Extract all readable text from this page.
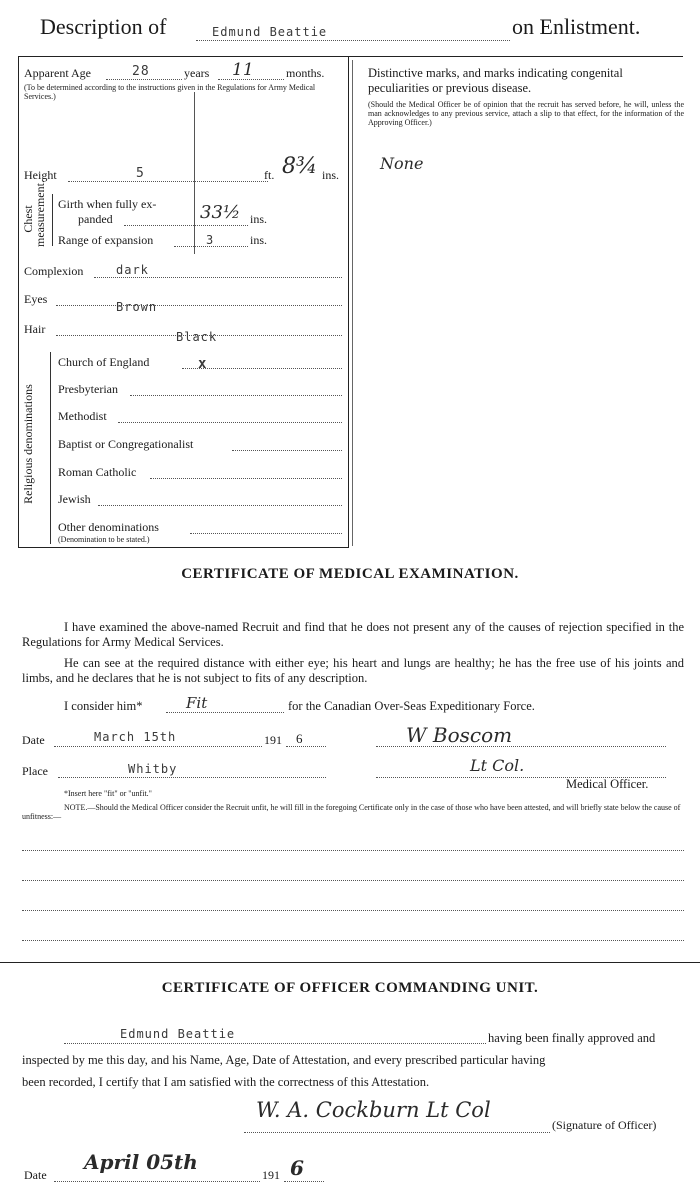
Description of	Edmund Beattie	on Enlistment.
Apparent Age	28	years 11	months.
(To be determined according to the instructions given in the Regulations for Army Medical Services.)
Height	5	ft. 8¾ ins.
Chest measurement. Girth when fully ex-
panded	33½ ins.
Range of expansion	3	ins.
Complexion	dark
Eyes
Brown
Hair
Black
Religious denominations
Church of England	x
Presbyterian
Methodist
Baptist or Congregationalist
Roman Catholic
Jewish
Other denominations
(Denomination to be stated.)
Distinctive marks, and marks indicating congenital
peculiarities or previous disease.
(Should the Medical Officer be of opinion that the recruit has served before, he will, unless the man acknowledges to any previous service, attach a slip to that effect, for the information of the Approving Officer.)
None
CERTIFICATE OF MEDICAL EXAMINATION.
I have examined the above-named Recruit and find that he does not present any of the causes of rejection specified in the Regulations for Army Medical Services.
He can see at the required distance with either eye; his heart and lungs are healthy; he has the free use of his joints and limbs, and he declares that he is not subject to fits of any description.
I consider him*	Fit	for the Canadian Over-Seas Expeditionary Force.
Date	March 15th	191 6	W Boscom
Place	Whitby	Lt Col.
Medical Officer.
*Insert here "fit" or "unfit."
NOTE.—Should the Medical Officer consider the Recruit unfit, he will fill in the foregoing Certificate only in the case of those who have been attested, and will briefly state below the cause of unfitness:—
CERTIFICATE OF OFFICER COMMANDING UNIT.
Edmund Beattie	having been finally approved and
inspected by me this day, and his Name, Age, Date of Attestation, and every prescribed particular having
been recorded, I certify that I am satisfied with the correctness of this Attestation.
W. A. Cockburn Lt Col
(Signature of Officer)
Date
April 05th
191 6
